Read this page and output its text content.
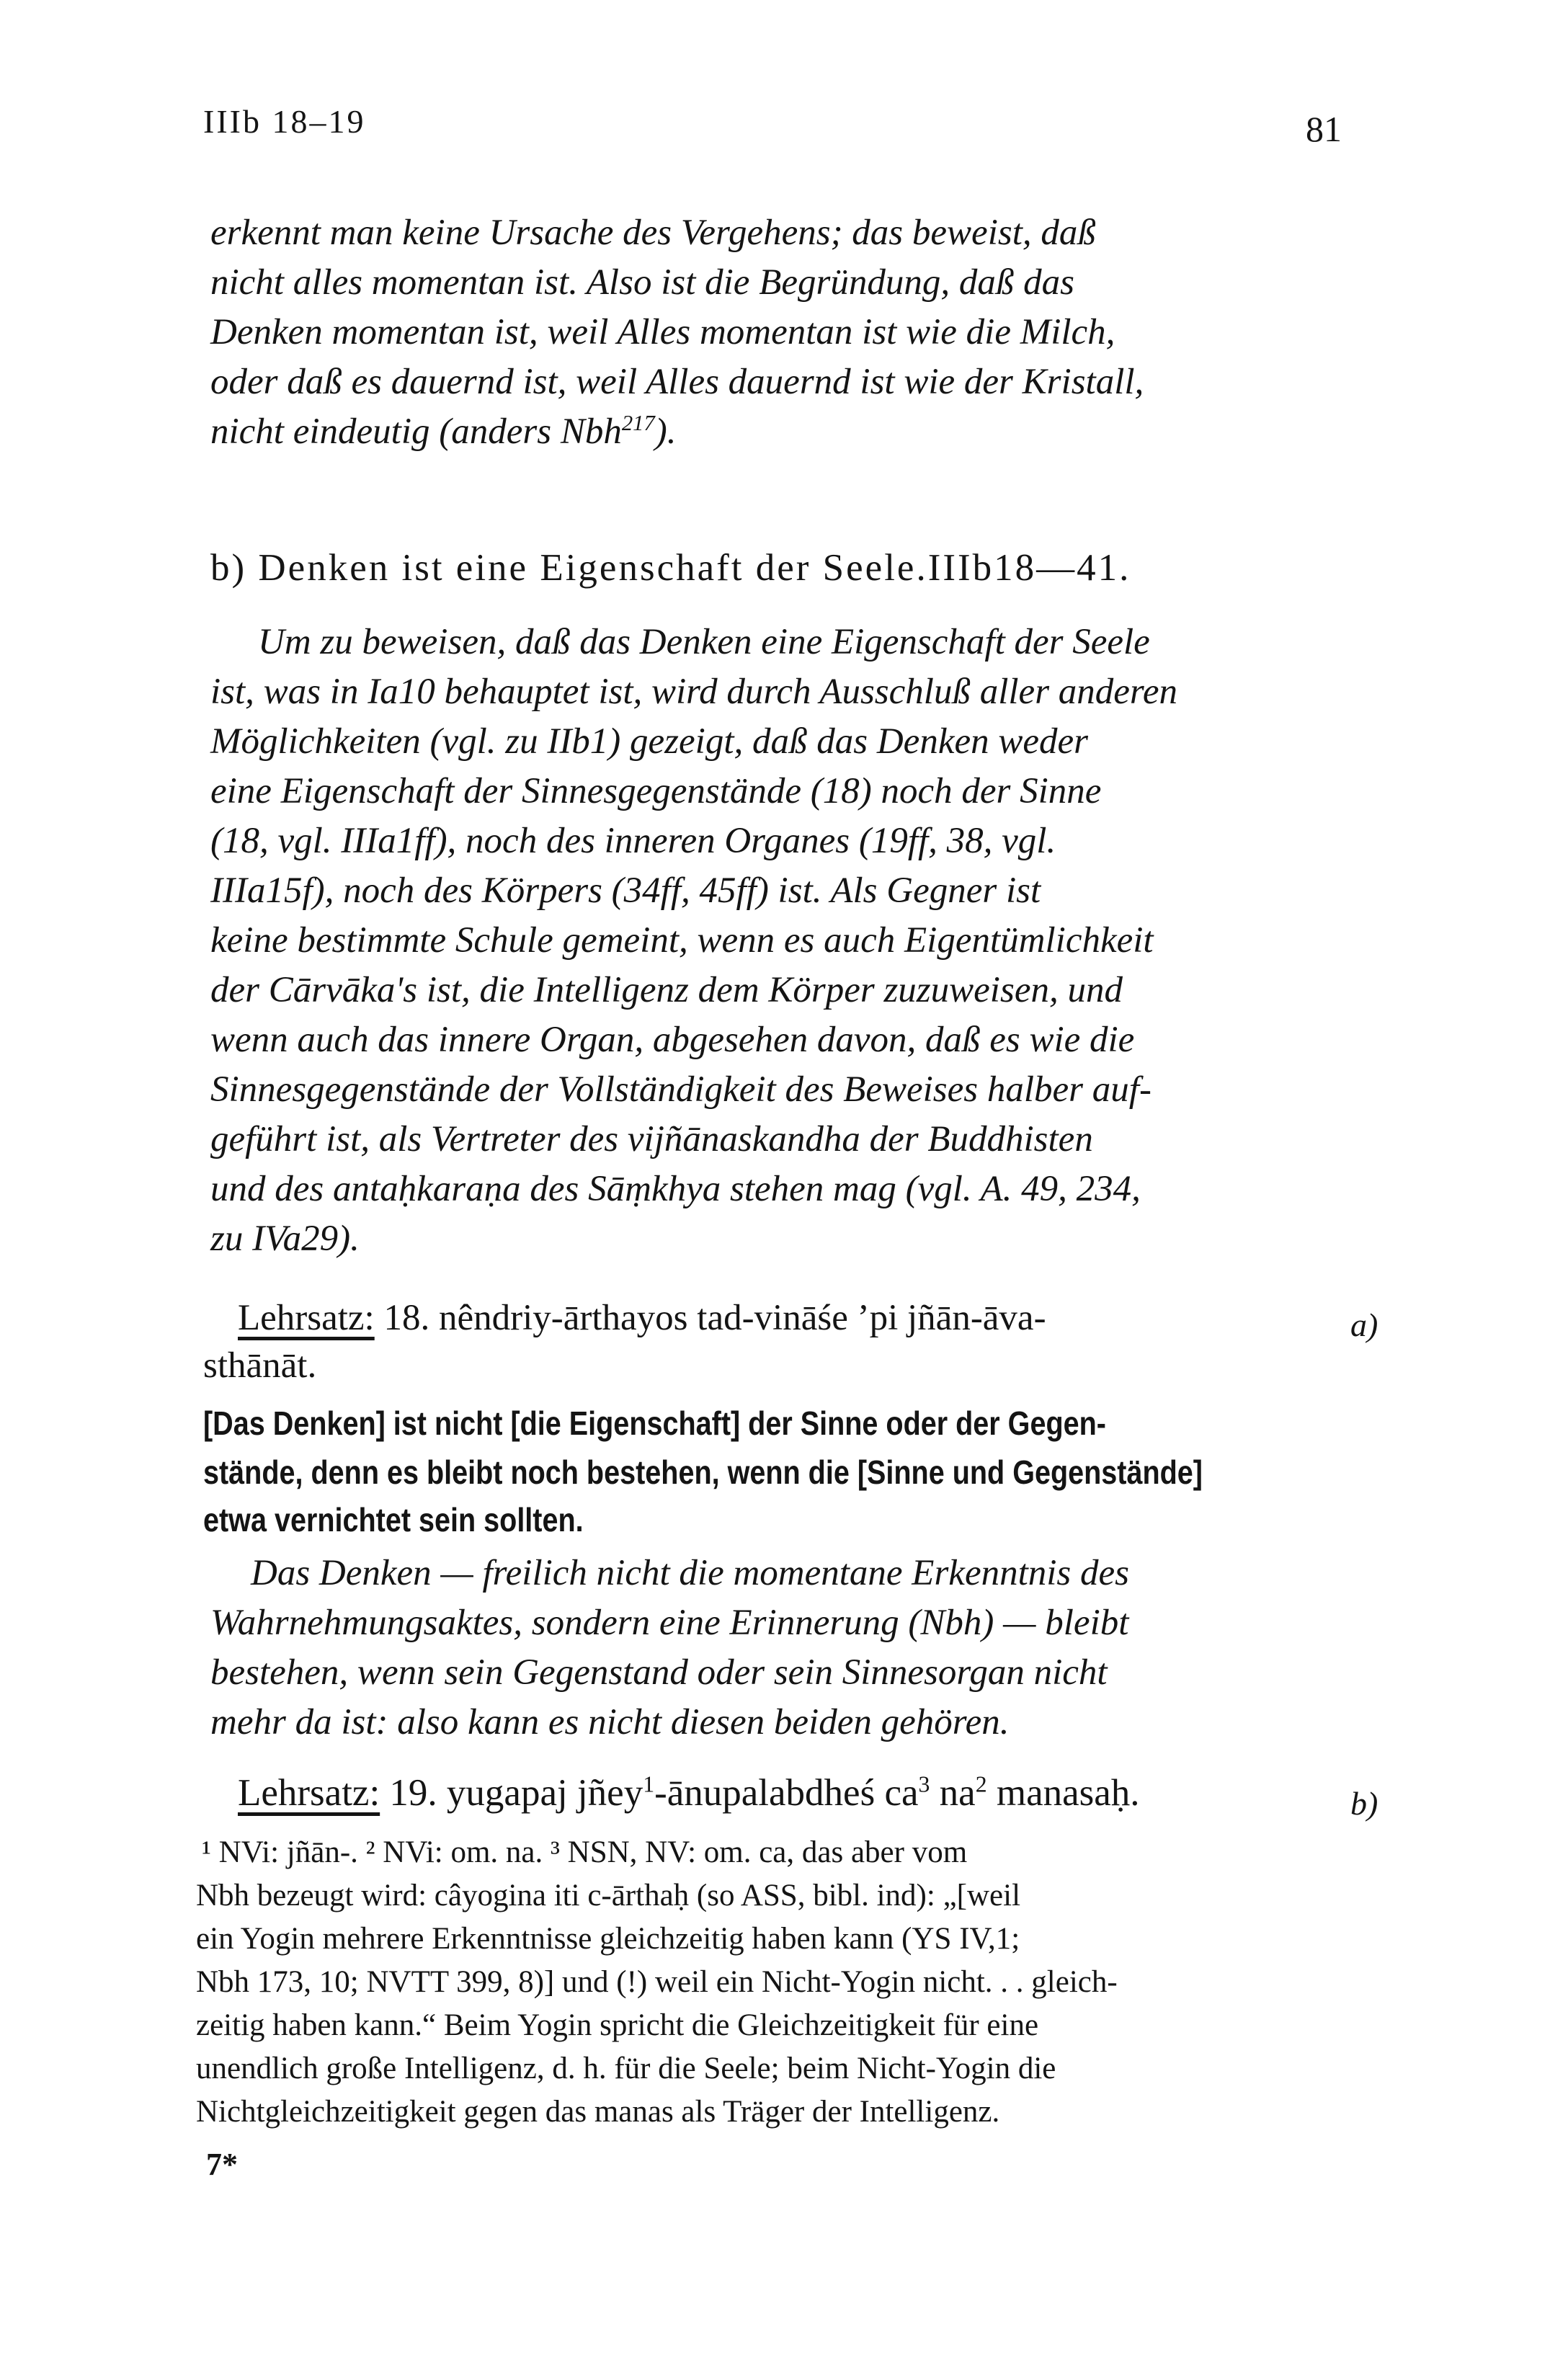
IIIb 18–19	81
erkennt man keine Ursache des Vergehens; das beweist, daß
nicht alles momentan ist. Also ist die Begründung, daß das
Denken momentan ist, weil Alles momentan ist wie die Milch,
oder daß es dauernd ist, weil Alles dauernd ist wie der Kristall,
nicht eindeutig (anders Nbh$^{217}$).
b) Denken ist eine Eigenschaft der Seele.IIIb18—41.
Um zu beweisen, daß das Denken eine Eigenschaft der Seele
ist, was in Ia10 behauptet ist, wird durch Ausschluß aller anderen
Möglichkeiten (vgl. zu IIb1) gezeigt, daß das Denken weder
eine Eigenschaft der Sinnesgegenstände (18) noch der Sinne
(18, vgl. IIIa1ff), noch des inneren Organes (19ff, 38, vgl.
IIIa15f), noch des Körpers (34ff, 45ff) ist. Als Gegner ist
keine bestimmte Schule gemeint, wenn es auch Eigentümlichkeit
der Cārvāka's ist, die Intelligenz dem Körper zuzuweisen, und
wenn auch das innere Organ, abgesehen davon, daß es wie die
Sinnesgegenstände der Vollständigkeit des Beweises halber auf-
geführt ist, als Vertreter des vijñānaskandha der Buddhisten
und des antaḥkaraṇa des Sāṃkhya stehen mag (vgl. A. 49, 234,
zu IVa29).
Lehrsatz: 18. nêndriy-ārthayos tad-vināśe ’pi jñān-āva-	a)
sthānāt.
[Das Denken] ist nicht [die Eigenschaft] der Sinne oder der Gegen-
stände, denn es bleibt noch bestehen, wenn die [Sinne und Gegenstände]
etwa vernichtet sein sollten.
Das Denken — freilich nicht die momentane Erkenntnis des
Wahrnehmungsaktes, sondern eine Erinnerung (Nbh) — bleibt
bestehen, wenn sein Gegenstand oder sein Sinnesorgan nicht
mehr da ist: also kann es nicht diesen beiden gehören.
Lehrsatz: 19. yugapaj jñey$^1$-ānupalabdheś $ca^3$ $na^2$ manasaḥ.	b)
¹ NVi: jñān-. ² NVi: om. na. ³ NSN, NV: om. ca, das aber vom
Nbh bezeugt wird: câyogina iti c-ārthaḥ (so ASS, bibl. ind): „[weil
ein Yogin mehrere Erkenntnisse gleichzeitig haben kann (YS IV,1;
Nbh 173, 10; NVTT 399, 8)] und (!) weil ein Nicht-Yogin nicht. . . gleich-
zeitig haben kann.“ Beim Yogin spricht die Gleichzeitigkeit für eine
unendlich große Intelligenz, d. h. für die Seele; beim Nicht-Yogin die
Nichtgleichzeitigkeit gegen das manas als Träger der Intelligenz.
7*
